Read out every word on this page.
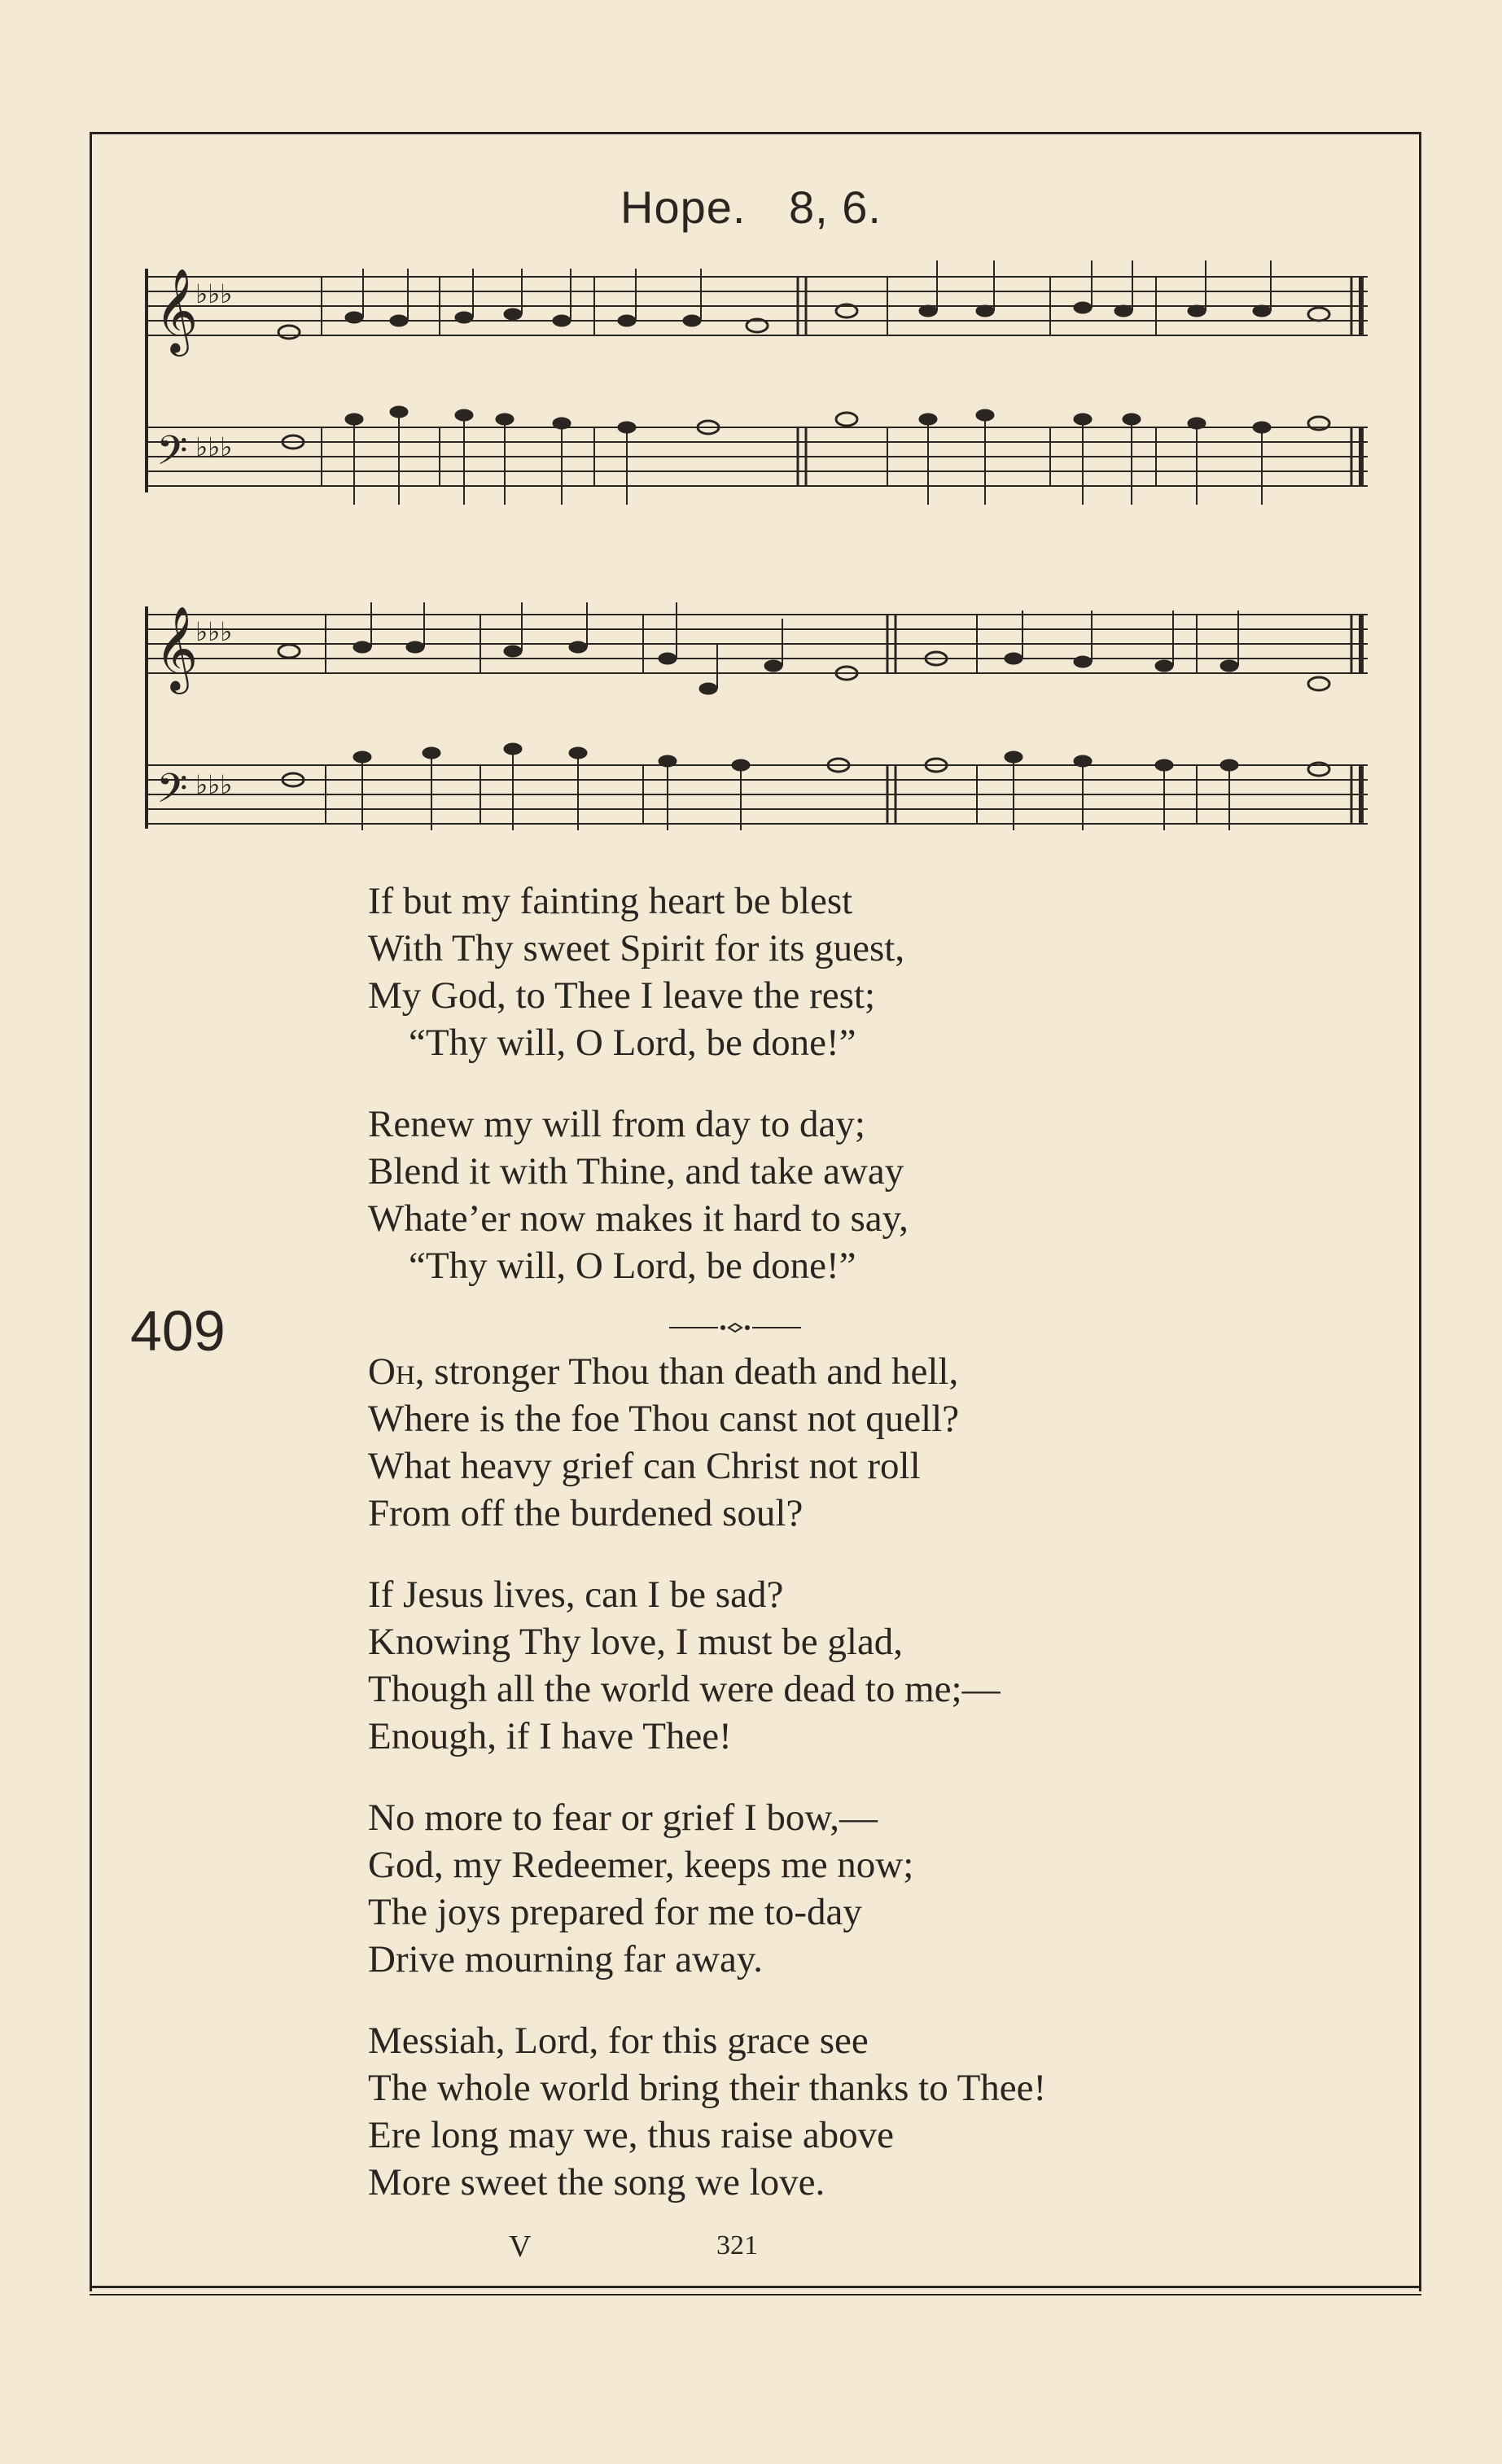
Hope. 8, 6.
𝄞
𝄢
♭♭♭
♭♭♭
𝄞
𝄢
♭♭♭
♭♭♭
409
If but my fainting heart be blest
With Thy sweet Spirit for its guest,
My God, to Thee I leave the rest;
“Thy will, O Lord, be done!”
Renew my will from day to day;
Blend it with Thine, and take away
Whate’er now makes it hard to say,
“Thy will, O Lord, be done!”
Oh, stronger Thou than death and hell,
Where is the foe Thou canst not quell?
What heavy grief can Christ not roll
From off the burdened soul?
If Jesus lives, can I be sad?
Knowing Thy love, I must be glad,
Though all the world were dead to me;—
Enough, if I have Thee!
No more to fear or grief I bow,—
God, my Redeemer, keeps me now;
The joys prepared for me to-day
Drive mourning far away.
Messiah, Lord, for this grace see
The whole world bring their thanks to Thee!
Ere long may we, thus raise above
More sweet the song we love.
V	321
